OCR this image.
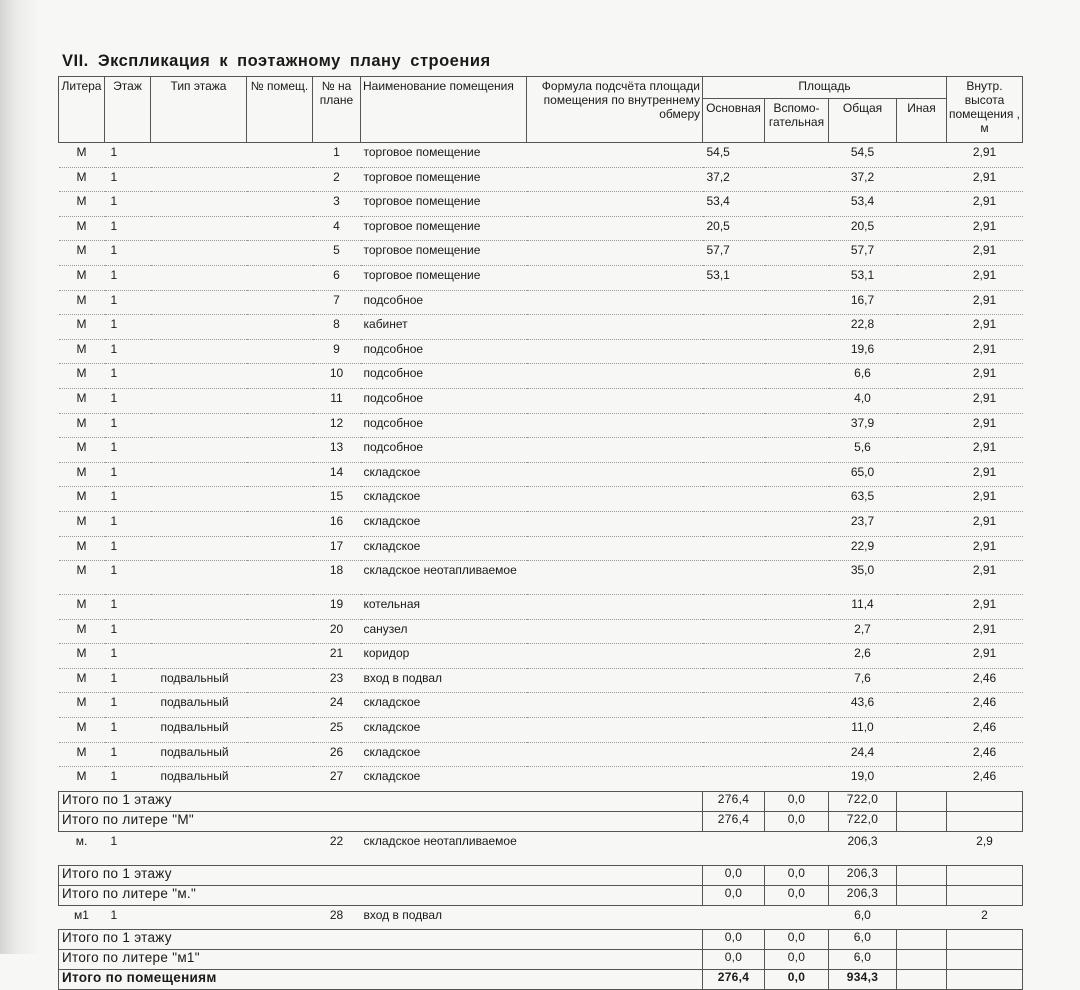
VII. Экспликация к поэтажному плану строения
Литера	Этаж	Тип этажа	№ помещ.	№ на плане	Наименование помещения	Формула подсчёта площади помещения по внутреннему обмеру	Площадь				Внутр. высота помещения , м
							Основная	Вспомо-гательная	Общая	Иная	
М	1			1	торговое помещение		54,5		54,5		2,91
М	1			2	торговое помещение		37,2		37,2		2,91
М	1			3	торговое помещение		53,4		53,4		2,91
М	1			4	торговое помещение		20,5		20,5		2,91
М	1			5	торговое помещение		57,7		57,7		2,91
М	1			6	торговое помещение		53,1		53,1		2,91
М	1			7	подсобное				16,7		2,91
М	1			8	кабинет				22,8		2,91
М	1			9	подсобное				19,6		2,91
М	1			10	подсобное				6,6		2,91
М	1			11	подсобное				4,0		2,91
М	1			12	подсобное				37,9		2,91
М	1			13	подсобное				5,6		2,91
М	1			14	складское				65,0		2,91
М	1			15	складское				63,5		2,91
М	1			16	складское				23,7		2,91
М	1			17	складское				22,9		2,91
М	1			18	складское неотапливаемое				35,0		2,91
М	1			19	котельная				11,4		2,91
М	1			20	санузел				2,7		2,91
М	1			21	коридор				2,6		2,91
М	1	подвальный		23	вход в подвал				7,6		2,46
М	1	подвальный		24	складское				43,6		2,46
М	1	подвальный		25	складское				11,0		2,46
М	1	подвальный		26	складское				24,4		2,46
М	1	подвальный		27	складское				19,0		2,46
Итого по 1 этажу							276,4	0,0	722,0		
Итого по литере "М"							276,4	0,0	722,0		
м.	1			22	складское неотапливаемое				206,3		2,9
Итого по 1 этажу							0,0	0,0	206,3		
Итого по литере "м."							0,0	0,0	206,3		
м1	1			28	вход в подвал				6,0		2
Итого по 1 этажу							0,0	0,0	6,0		
Итого по литере "м1"							0,0	0,0	6,0		
Итого по помещениям							276,4	0,0	934,3		
